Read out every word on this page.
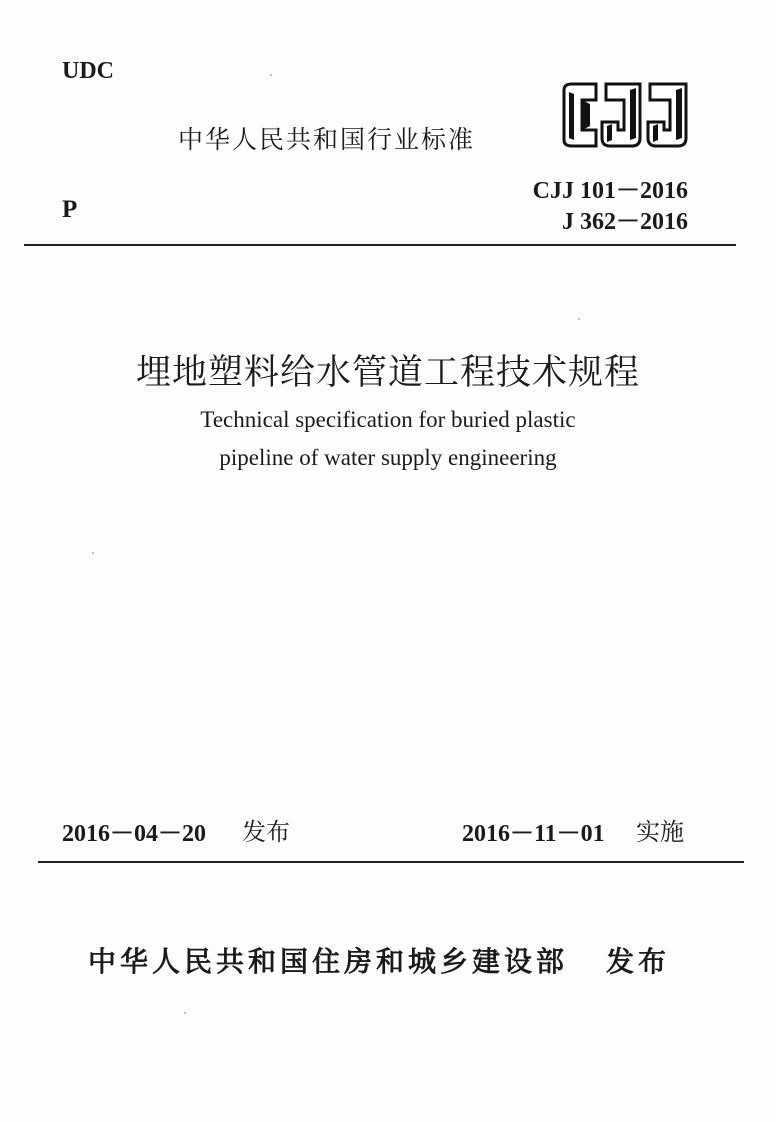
UDC
中华人民共和国行业标准
CJJ 101－2016
P	J 362－2016
埋地塑料给水管道工程技术规程
Technical specification for buried plastic
pipeline of water supply engineering
2016－04－20 发布	2016－11－01 实施
中华人民共和国住房和城乡建设部 发布
